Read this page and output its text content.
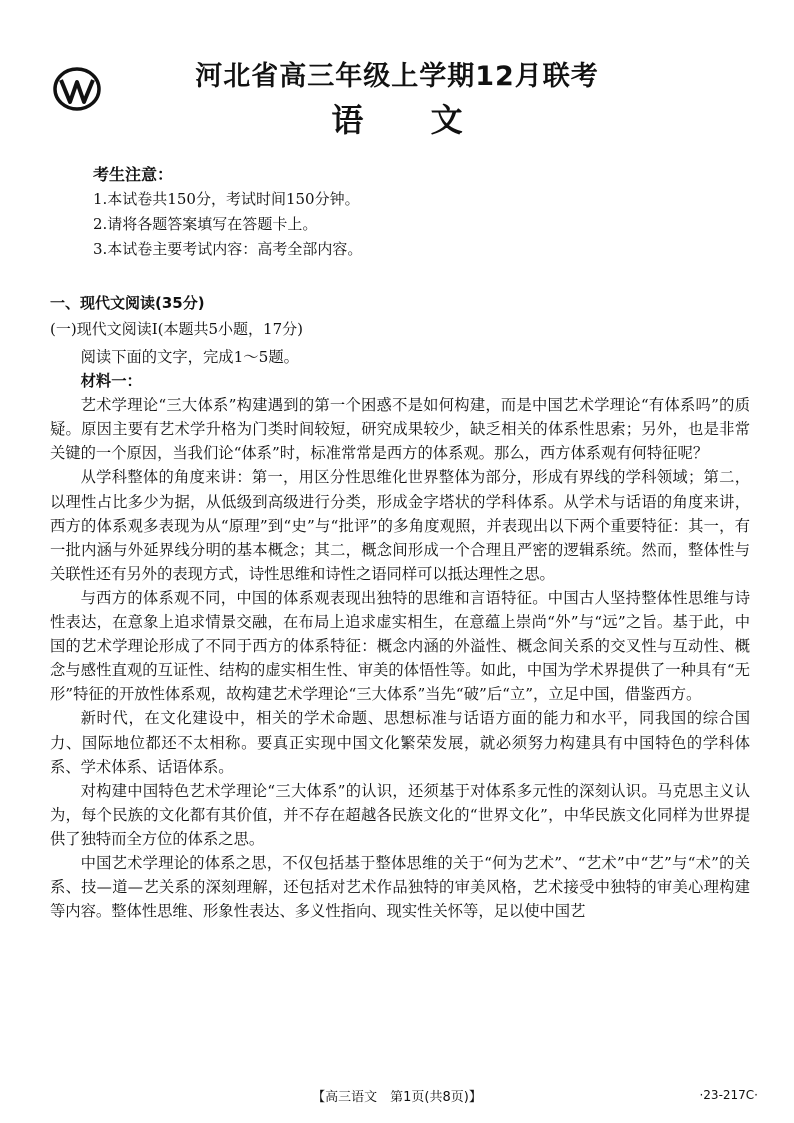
河北省高三年级上学期12月联考
语 文
考生注意：
1.本试卷共150分，考试时间150分钟。
2.请将各题答案填写在答题卡上。
3.本试卷主要考试内容：高考全部内容。
一、现代文阅读(35分)
(一)现代文阅读Ⅰ(本题共5小题，17分)

阅读下面的文字，完成1～5题。

材料一：

艺术学理论“三大体系”构建遇到的第一个困惑不是如何构建，而是中国艺术学理论“有体系吗”的质疑。原因主要有艺术学升格为门类时间较短，研究成果较少，缺乏相关的体系性思索；另外，也是非常关键的一个原因，当我们论“体系”时，标准常常是西方的体系观。那么，西方体系观有何特征呢？

从学科整体的角度来讲：第一，用区分性思维化世界整体为部分，形成有界线的学科领域；第二，以理性占比多少为据，从低级到高级进行分类，形成金字塔状的学科体系。从学术与话语的角度来讲，西方的体系观多表现为从“原理”到“史”与“批评”的多角度观照，并表现出以下两个重要特征：其一，有一批内涵与外延界线分明的基本概念；其二，概念间形成一个合理且严密的逻辑系统。然而，整体性与关联性还有另外的表现方式，诗性思维和诗性之语同样可以抵达理性之思。

与西方的体系观不同，中国的体系观表现出独特的思维和言语特征。中国古人坚持整体性思维与诗性表达，在意象上追求情景交融，在布局上追求虚实相生，在意蕴上崇尚“外”与“远”之旨。基于此，中国的艺术学理论形成了不同于西方的体系特征：概念内涵的外溢性、概念间关系的交叉性与互动性、概念与感性直观的互证性、结构的虚实相生性、审美的体悟性等。如此，中国为学术界提供了一种具有“无形”特征的开放性体系观，故构建艺术学理论“三大体系”当先“破”后“立”，立足中国，借鉴西方。

新时代，在文化建设中，相关的学术命题、思想标准与话语方面的能力和水平，同我国的综合国力、国际地位都还不太相称。要真正实现中国文化繁荣发展，就必须努力构建具有中国特色的学科体系、学术体系、话语体系。

对构建中国特色艺术学理论“三大体系”的认识，还须基于对体系多元性的深刻认识。马克思主义认为，每个民族的文化都有其价值，并不存在超越各民族文化的“世界文化”，中华民族文化同样为世界提供了独特而全方位的体系之思。

中国艺术学理论的体系之思，不仅包括基于整体思维的关于“何为艺术”、“艺术”中“艺”与“术”的关系、技—道—艺关系的深刻理解，还包括对艺术作品独特的审美风格，艺术接受中独特的审美心理构建等内容。整体性思维、形象性表达、多义性指向、现实性关怀等，足以使中国艺

【高三语文　第1页(共8页)】	·23-217C·
